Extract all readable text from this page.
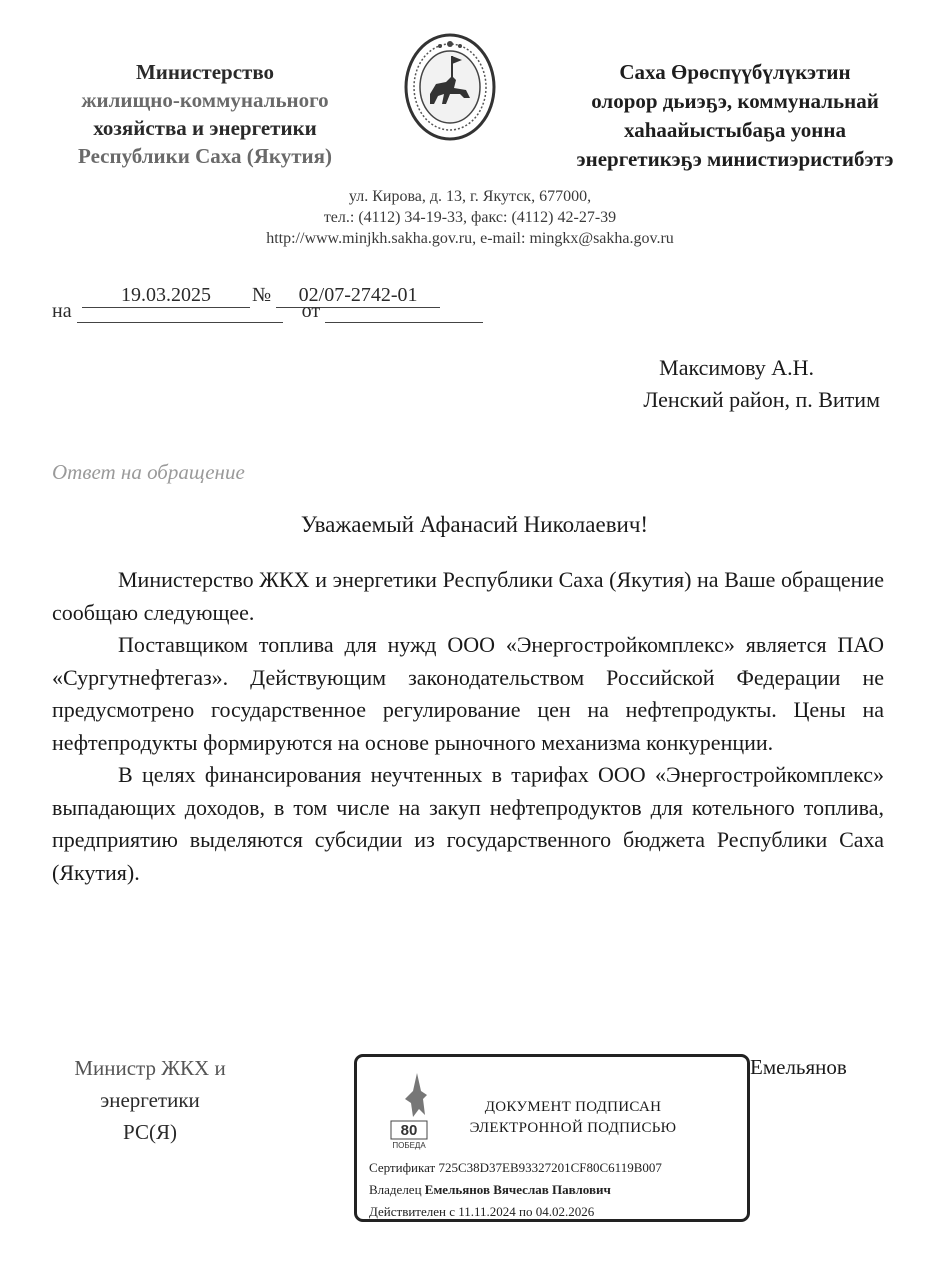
Министерство
жилищно-коммунального
хозяйства и энергетики
Республики Саха (Якутия)
Саха Өрөспүүбүлүкэтин
олорор дьиэҕэ, коммунальнай
хаһаайыстыбаҕа уонна
энергетикэҕэ министиэристибэтэ
ул. Кирова, д. 13, г. Якутск, 677000,
тел.: (4112) 34-19-33, факс: (4112) 42-27-39
http://www.minjkh.sakha.gov.ru, e-mail: mingkx@sakha.gov.ru
19.03.2025	№ 02/07-2742-01
на	от
Максимову А.Н.
Ленский район, п. Витим
Ответ на обращение
Уважаемый Афанасий Николаевич!

Министерство ЖКХ и энергетики Республики Саха (Якутия) на Ваше обращение сообщаю следующее.

Поставщиком топлива для нужд ООО «Энергостройкомплекс» является ПАО «Сургутнефтегаз». Действующим законодательством Российской Федерации не предусмотрено государственное регулирование цен на нефтепродукты. Цены на нефтепродукты формируются на основе рыночного механизма конкуренции.

В целях финансирования неучтенных в тарифах ООО «Энергостройкомплекс» выпадающих доходов, в том числе на закуп нефтепродуктов для котельного топлива, предприятию выделяются субсидии из государственного бюджета Республики Саха (Якутия).

Министр ЖКХ и
энергетики
РС(Я)
Емельянов
80
ПОБЕДА
ДОКУМЕНТ ПОДПИСАН
ЭЛЕКТРОННОЙ ПОДПИСЬЮ
Сертификат 725C38D37EB93327201CF80C6119B007
Владелец Емельянов Вячеслав Павлович
Действителен с 11.11.2024 по 04.02.2026
